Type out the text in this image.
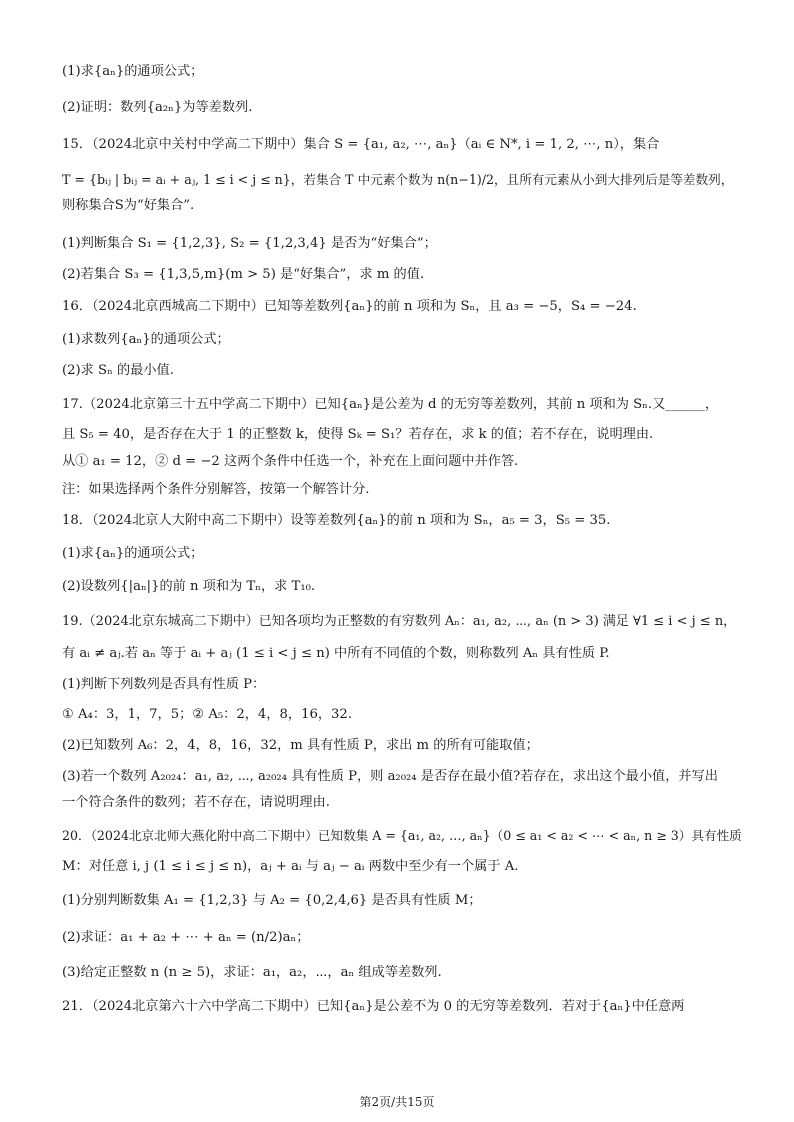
(1)求{aₙ}的通项公式；
(2)证明：数列{a₂ₙ}为等差数列.
15．（2024北京中关村中学高二下期中）集合 S = {a₁, a₂, ⋯, aₙ}（aᵢ ∈ N*, i = 1, 2, ⋯, n），集合
T = {bᵢⱼ | bᵢⱼ = aᵢ + aⱼ, 1 ≤ i < j ≤ n}，若集合 T 中元素个数为 n(n−1)/2，且所有元素从小到大排列后是等差数列，
则称集合S为“好集合”.
(1)判断集合 S₁ = {1,2,3}, S₂ = {1,2,3,4} 是否为“好集合”；
(2)若集合 S₃ = {1,3,5,m}(m > 5) 是“好集合”，求 m 的值.
16．（2024北京西城高二下期中）已知等差数列{aₙ}的前 n 项和为 Sₙ，且 a₃ = −5，S₄ = −24.
(1)求数列{aₙ}的通项公式；
(2)求 Sₙ 的最小值.
17.（2024北京第三十五中学高二下期中）已知{aₙ}是公差为 d 的无穷等差数列，其前 n 项和为 Sₙ.又______，
且 S₅ = 40，是否存在大于 1 的正整数 k，使得 Sₖ = S₁？若存在，求 k 的值；若不存在，说明理由.
从① a₁ = 12，② d = −2 这两个条件中任选一个，补充在上面问题中并作答.
注：如果选择两个条件分别解答，按第一个解答计分.
18．（2024北京人大附中高二下期中）设等差数列{aₙ}的前 n 项和为 Sₙ，a₅ = 3，S₅ = 35.
(1)求{aₙ}的通项公式；
(2)设数列{|aₙ|}的前 n 项和为 Tₙ，求 T₁₀.
19.（2024北京东城高二下期中）已知各项均为正整数的有穷数列 Aₙ：a₁, a₂, ⋯, aₙ (n > 3) 满足 ∀1 ≤ i < j ≤ n，
有 aᵢ ≠ aⱼ.若 aₙ 等于 aᵢ + aⱼ (1 ≤ i < j ≤ n) 中所有不同值的个数，则称数列 Aₙ 具有性质 P.
(1)判断下列数列是否具有性质 P：
① A₄：3，1，7，5；② A₅：2，4，8，16，32.
(2)已知数列 A₆：2，4，8，16，32，m 具有性质 P，求出 m 的所有可能取值；
(3)若一个数列 A₂₀₂₄：a₁, a₂, ⋯, a₂₀₂₄ 具有性质 P，则 a₂₀₂₄ 是否存在最小值?若存在，求出这个最小值，并写出
一个符合条件的数列；若不存在，请说明理由.
20．（2024北京北师大燕化附中高二下期中）已知数集 A = {a₁, a₂, …, aₙ}（0 ≤ a₁ < a₂ < ⋯ < aₙ, n ≥ 3）具有性质
M：对任意 i, j (1 ≤ i ≤ j ≤ n)，aⱼ + aᵢ 与 aⱼ − aᵢ 两数中至少有一个属于 A.
(1)分别判断数集 A₁ = {1,2,3} 与 A₂ = {0,2,4,6} 是否具有性质 M；
(2)求证：a₁ + a₂ + ⋯ + aₙ = (n/2)aₙ；
(3)给定正整数 n (n ≥ 5)，求证：a₁，a₂，⋯，aₙ 组成等差数列.
21．（2024北京第六十六中学高二下期中）已知{aₙ}是公差不为 0 的无穷等差数列．若对于{aₙ}中任意两
第2页/共15页
